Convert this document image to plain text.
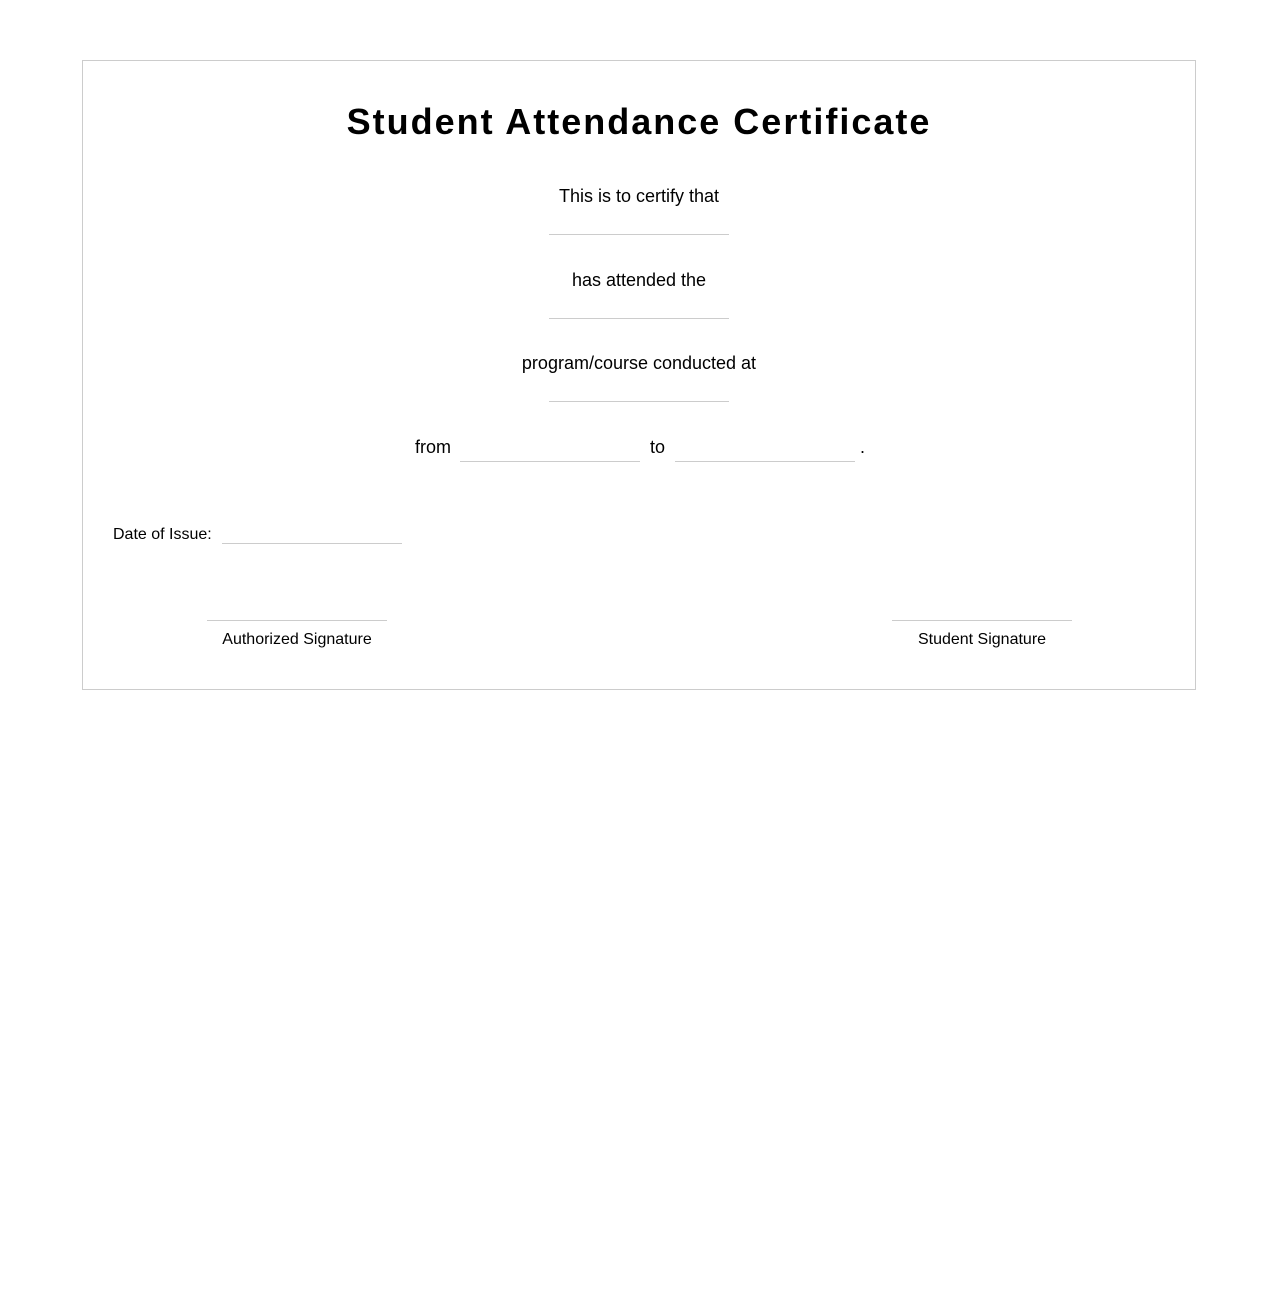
Student Attendance Certificate
This is to certify that
has attended the
program/course conducted at
from	to	.
Date of Issue:
Authorized Signature	Student Signature
